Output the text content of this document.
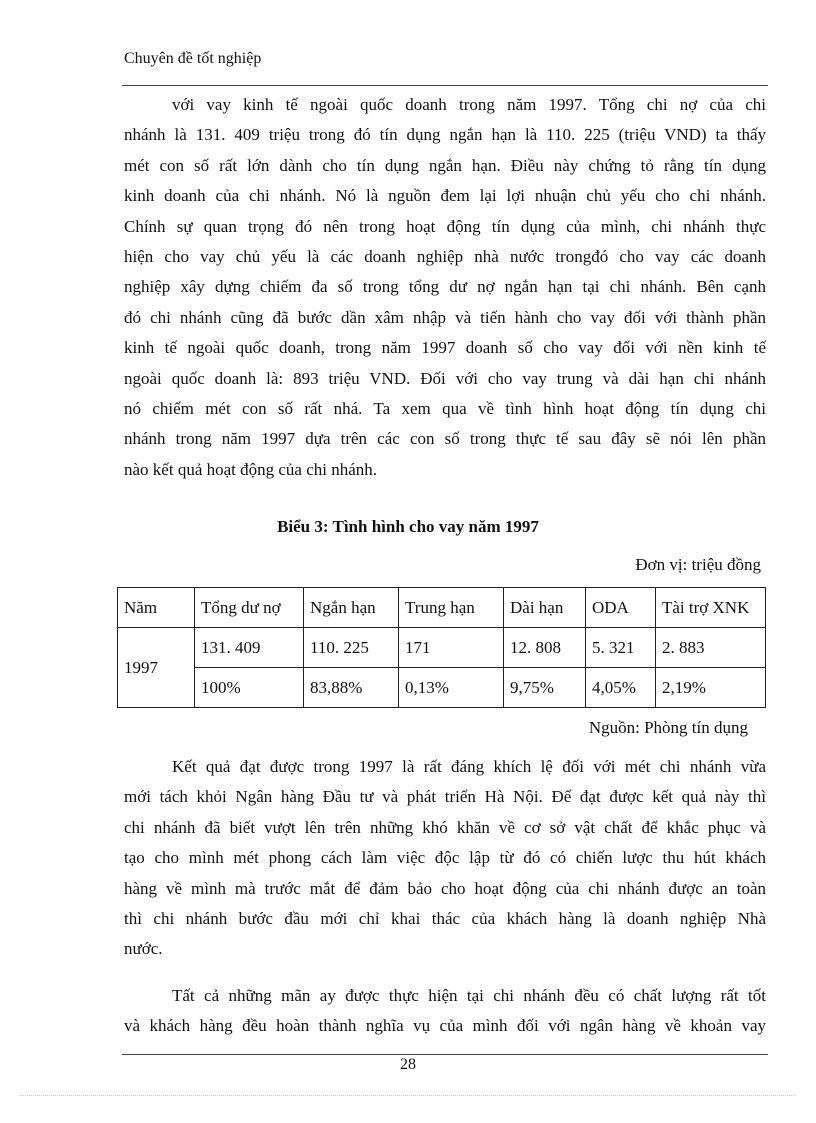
Chuyên đề tốt nghiệp
với vay kinh tế ngoài quốc doanh trong năm 1997. Tổng chi nợ của chi
nhánh là 131. 409 triệu trong đó tín dụng ngắn hạn là 110. 225 (triệu VND) ta thấy
mét con số rất lớn dành cho tín dụng ngắn hạn. Điều này chứng tỏ rằng tín dụng
kinh doanh của chi nhánh. Nó là nguồn đem lại lợi nhuận chủ yếu cho chi nhánh.
Chính sự quan trọng đó nên trong hoạt động tín dụng của mình, chi nhánh thực
hiện cho vay chủ yếu là các doanh nghiệp nhà nước trongđó cho vay các doanh
nghiệp xây dựng chiếm đa số trong tổng dư nợ ngắn hạn tại chi nhánh. Bên cạnh
đó chi nhánh cũng đã bước dần xâm nhập và tiến hành cho vay đối với thành phần
kinh tế ngoài quốc doanh, trong năm 1997 doanh số cho vay đối với nền kinh tế
ngoài quốc doanh là: 893 triệu VND. Đối với cho vay trung và dài hạn chi nhánh
nó chiếm mét con số rất nhá. Ta xem qua về tình hình hoạt động tín dụng chi
nhánh trong năm 1997 dựa trên các con số trong thực tế sau đây sẽ nói lên phần
nào kết quả hoạt động của chi nhánh.
Biểu 3: Tình hình cho vay năm 1997
Đơn vị: triệu đồng
Năm	Tổng dư nợ	Ngắn hạn	Trung hạn	Dài hạn	ODA	Tài trợ XNK
1997	131. 409	110. 225	171	12. 808	5. 321	2. 883
	100%	83,88%	0,13%	9,75%	4,05%	2,19%
Nguồn: Phòng tín dụng
Kết quả đạt được trong 1997 là rất đáng khích lệ đối với mét chi nhánh vừa
mới tách khỏi Ngân hàng Đầu tư và phát triển Hà Nội. Để đạt được kết quả này thì
chi nhánh đã biết vượt lên trên những khó khăn về cơ sở vật chất để khắc phục và
tạo cho mình mét phong cách làm việc độc lập từ đó có chiến lược thu hút khách
hàng về mình mà trước mắt để đảm bảo cho hoạt động của chi nhánh được an toàn
thì chi nhánh bước đầu mới chỉ khai thác của khách hàng là doanh nghiệp Nhà
nước.
Tất cả những mãn ay được thực hiện tại chi nhánh đều có chất lượng rất tốt
và khách hàng đều hoàn thành nghĩa vụ của mình đối với ngân hàng về khoản vay
28
